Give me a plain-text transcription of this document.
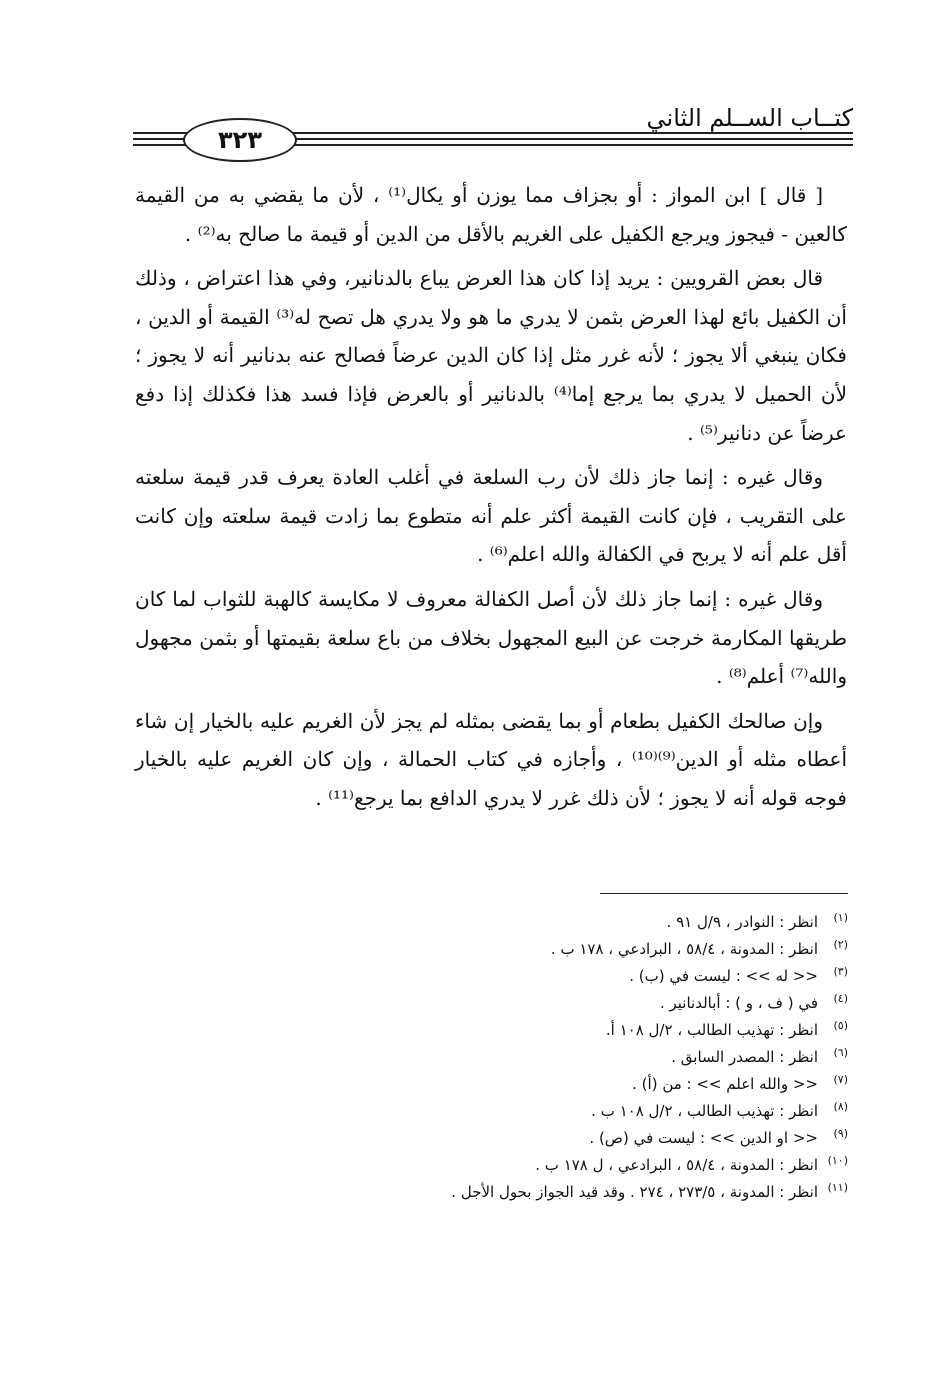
كتــاب الســلم الثاني
٣٢٣

[ قال ] ابن المواز : أو بجزاف مما يوزن أو يكال⁽¹⁾ ، لأن ما يقضي به من القيمة كالعين - فيجوز ويرجع الكفيل على الغريم بالأقل من الدين أو قيمة ما صالح به⁽²⁾ .

قال بعض القرويين : يريد إذا كان هذا العرض يباع بالدنانير، وفي هذا اعتراض ، وذلك أن الكفيل بائع لهذا العرض بثمن لا يدري ما هو ولا يدري هل تصح له⁽³⁾ القيمة أو الدين ، فكان ينبغي ألا يجوز ؛ لأنه غرر مثل إذا كان الدين عرضاً فصالح عنه بدنانير أنه لا يجوز ؛ لأن الحميل لا يدري بما يرجع إما⁽⁴⁾ بالدنانير أو بالعرض فإذا فسد هذا فكذلك إذا دفع عرضاً عن دنانير⁽⁵⁾ .

وقال غيره : إنما جاز ذلك لأن رب السلعة في أغلب العادة يعرف قدر قيمة سلعته على التقريب ، فإن كانت القيمة أكثر علم أنه متطوع بما زادت قيمة سلعته وإن كانت أقل علم أنه لا يربح في الكفالة والله اعلم⁽⁶⁾ .

وقال غيره : إنما جاز ذلك لأن أصل الكفالة معروف لا مكايسة كالهبة للثواب لما كان طريقها المكارمة خرجت عن البيع المجهول بخلاف من باع سلعة بقيمتها أو بثمن مجهول والله⁽⁷⁾ أعلم⁽⁸⁾ .

وإن صالحك الكفيل بطعام أو بما يقضى بمثله لم يجز لأن الغريم عليه بالخيار إن شاء أعطاه مثله أو الدين⁽⁹⁾⁽¹⁰⁾ ، وأجازه في كتاب الحمالة ، وإن كان الغريم عليه بالخيار فوجه قوله أنه لا يجوز ؛ لأن ذلك غرر لا يدري الدافع بما يرجع⁽¹¹⁾ .

(١)انظر : النوادر ، ٩/ل ٩١ .
(٢)انظر : المدونة ، ٥٨/٤ ، البرادعي ، ١٧٨ ب .
(٣)<< له >> : ليست في (ب) .
(٤)في ( ف ، و ) : أبالدنانير .
(٥)انظر : تهذيب الطالب ، ٢/ل ١٠٨ أ.
(٦)انظر : المصدر السابق .
(٧)<< والله اعلم >> : من (أ) .
(٨)انظر : تهذيب الطالب ، ٢/ل ١٠٨ ب .
(٩)<< او الدين >> : ليست في (ص) .
(١٠)انظر : المدونة ، ٥٨/٤ ، البرادعي ، ل ١٧٨ ب .
(١١)انظر : المدونة ، ٢٧٣/٥ ، ٢٧٤ . وقد قيد الجواز بحول الأجل .
